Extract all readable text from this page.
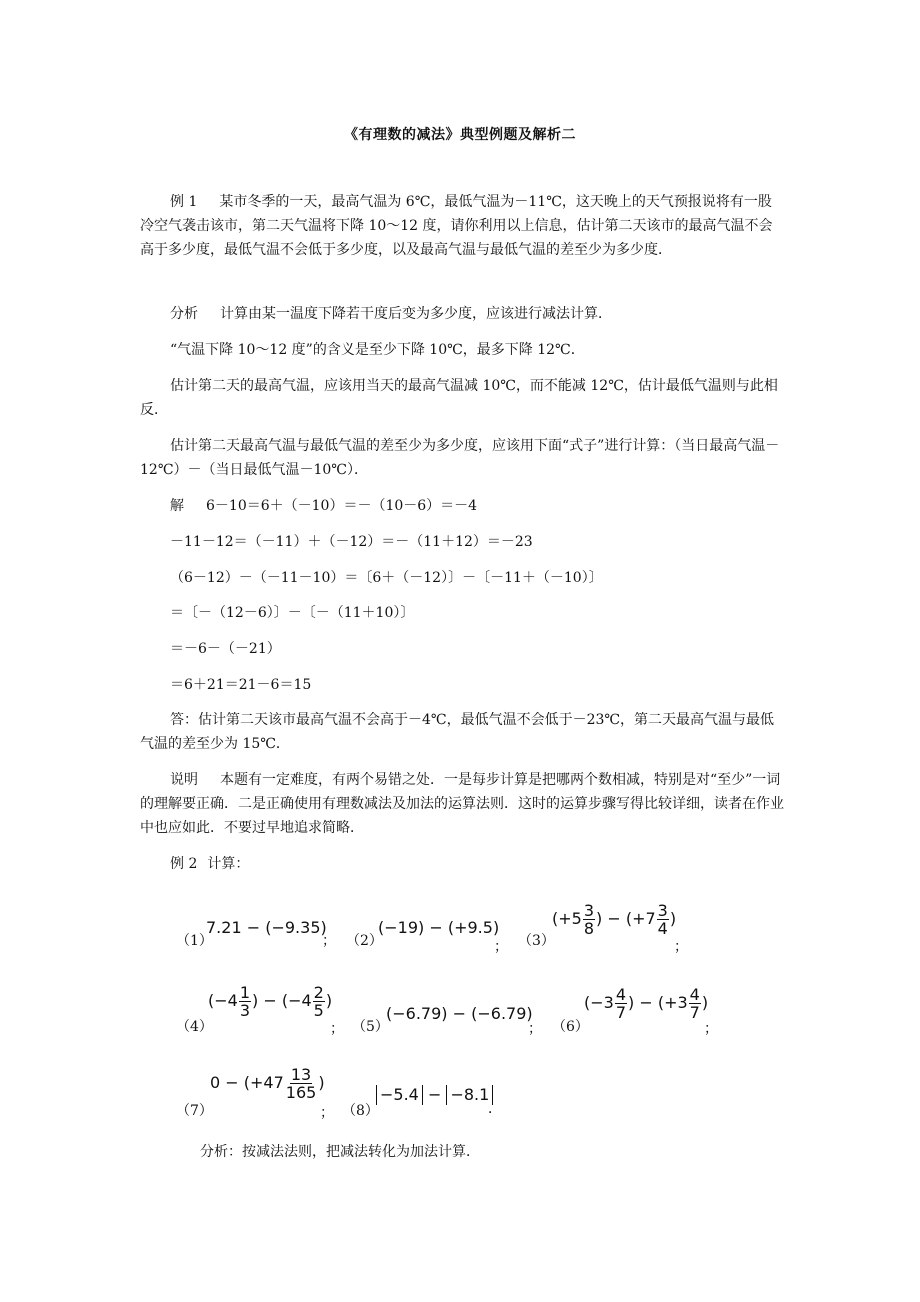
《有理数的减法》典型例题及解析二

例 1 某市冬季的一天，最高气温为 6℃，最低气温为－11℃，这天晚上的天气预报说将有一股冷空气袭击该市，第二天气温将下降 10～12 度，请你利用以上信息，估计第二天该市的最高气温不会高于多少度，最低气温不会低于多少度，以及最高气温与最低气温的差至少为多少度．

分析 计算由某一温度下降若干度后变为多少度，应该进行减法计算．

“气温下降 10～12 度”的含义是至少下降 10℃，最多下降 12℃．

估计第二天的最高气温，应该用当天的最高气温减 10℃，而不能减 12℃，估计最低气温则与此相反．

估计第二天最高气温与最低气温的差至少为多少度，应该用下面“式子”进行计算：（当日最高气温－12℃）－（当日最低气温－10℃）．

解 6－10＝6＋（－10）＝－（10－6）＝－4

－11－12＝（－11）＋（－12）＝－（11＋12）＝－23

（6－12）－（－11－10）＝〔6＋（－12）〕－〔－11＋（－10）〕

＝〔－（12－6）〕－〔－（11＋10）〕

＝－6－（－21）

＝6＋21＝21－6＝15

答：估计第二天该市最高气温不会高于－4℃，最低气温不会低于－23℃，第二天最高气温与最低气温的差至少为 15℃．

说明 本题有一定难度，有两个易错之处．一是每步计算是把哪两个数相减，特别是对“至少”一词的理解要正确．二是正确使用有理数减法及加法的运算法则．这时的运算步骤写得比较详细，读者在作业中也应如此．不要过早地追求简略．

例 2 计算：

（1）
7.21 − (−9.35)
； （2）
(−19) − (+9.5)
； （3）
($+5 \frac{3}{8}$ ) − ($+7 \frac{3}{4}$ )
；
（4）
($-4 \frac{1}{3}$ ) − ($-4 \frac{2}{5}$ )
； （5）
(−6.79) − (−6.79)
； （6）
($-3 \frac{4}{7}$ ) − ($+3 \frac{4}{7}$ )
；
（7）
$0 - (+47 \frac{13}{165}$ )
； （8）
−5.4 − −8.1
．

分析：按减法法则，把减法转化为加法计算．
